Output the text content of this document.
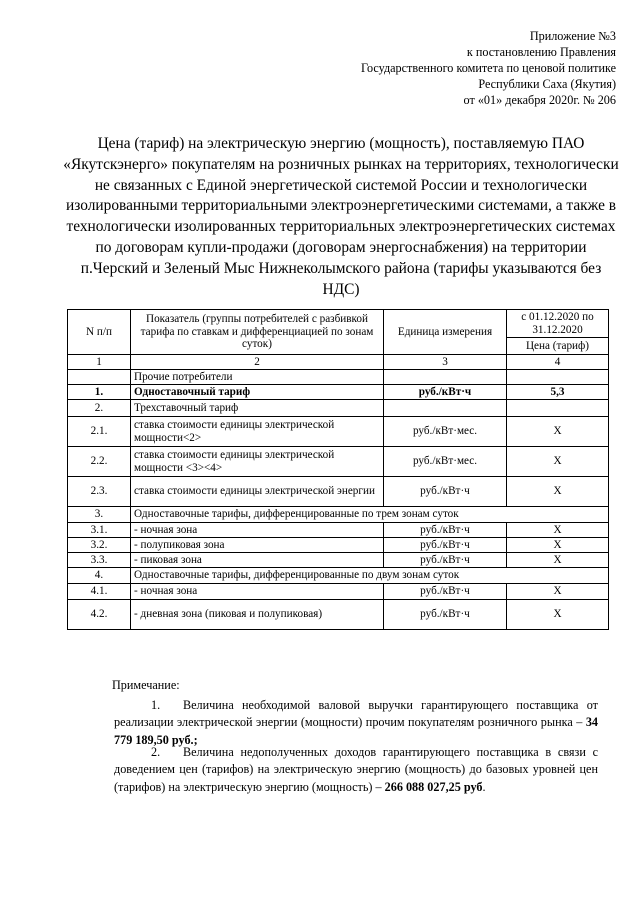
Приложение №3
к постановлению Правления
Государственного комитета по ценовой политике
Республики Саха (Якутия)
от «01» декабря 2020г. № 206
Цена (тариф) на электрическую энергию (мощность), поставляемую ПАО «Якутскэнерго» покупателям на розничных рынках на территориях, технологически не связанных с Единой энергетической системой России и технологически изолированными территориальными электроэнергетическими системами, а также в технологически изолированных территориальных электроэнергетических системах по договорам купли-продажи (договорам энергоснабжения) на территории п.Черский и Зеленый Мыс Нижнеколымского района (тарифы указываются без НДС)
N п/п	Показатель (группы потребителей с разбивкой тарифа по ставкам и дифференциацией по зонам суток)	Единица измерения	с 01.12.2020 по 31.12.2020
			Цена (тариф)
1	2	3	4
	Прочие потребители		
1.	Одноставочный тариф	руб./кВт·ч	5,3
2.	Трехставочный тариф		
2.1.	ставка стоимости единицы электрической мощности<2>	руб./кВт·мес.	X
2.2.	ставка стоимости единицы электрической мощности <3><4>	руб./кВт·мес.	X
2.3.	ставка стоимости единицы электрической энергии	руб./кВт·ч	X
3.	Одноставочные тарифы, дифференцированные по трем зонам суток		
3.1.	- ночная зона	руб./кВт·ч	X
3.2.	- полупиковая зона	руб./кВт·ч	X
3.3.	- пиковая зона	руб./кВт·ч	X
4.	Одноставочные тарифы, дифференцированные по двум зонам суток		
4.1.	- ночная зона	руб./кВт·ч	X
4.2.	- дневная зона (пиковая и полупиковая)	руб./кВт·ч	X
Примечание:
1. Величина необходимой валовой выручки гарантирующего поставщика от реализации электрической энергии (мощности) прочим покупателям розничного рынка – 34 779 189,50 руб.;
2. Величина недополученных доходов гарантирующего поставщика в связи с доведением цен (тарифов) на электрическую энергию (мощность) до базовых уровней цен (тарифов) на электрическую энергию (мощность) – 266 088 027,25 руб.
